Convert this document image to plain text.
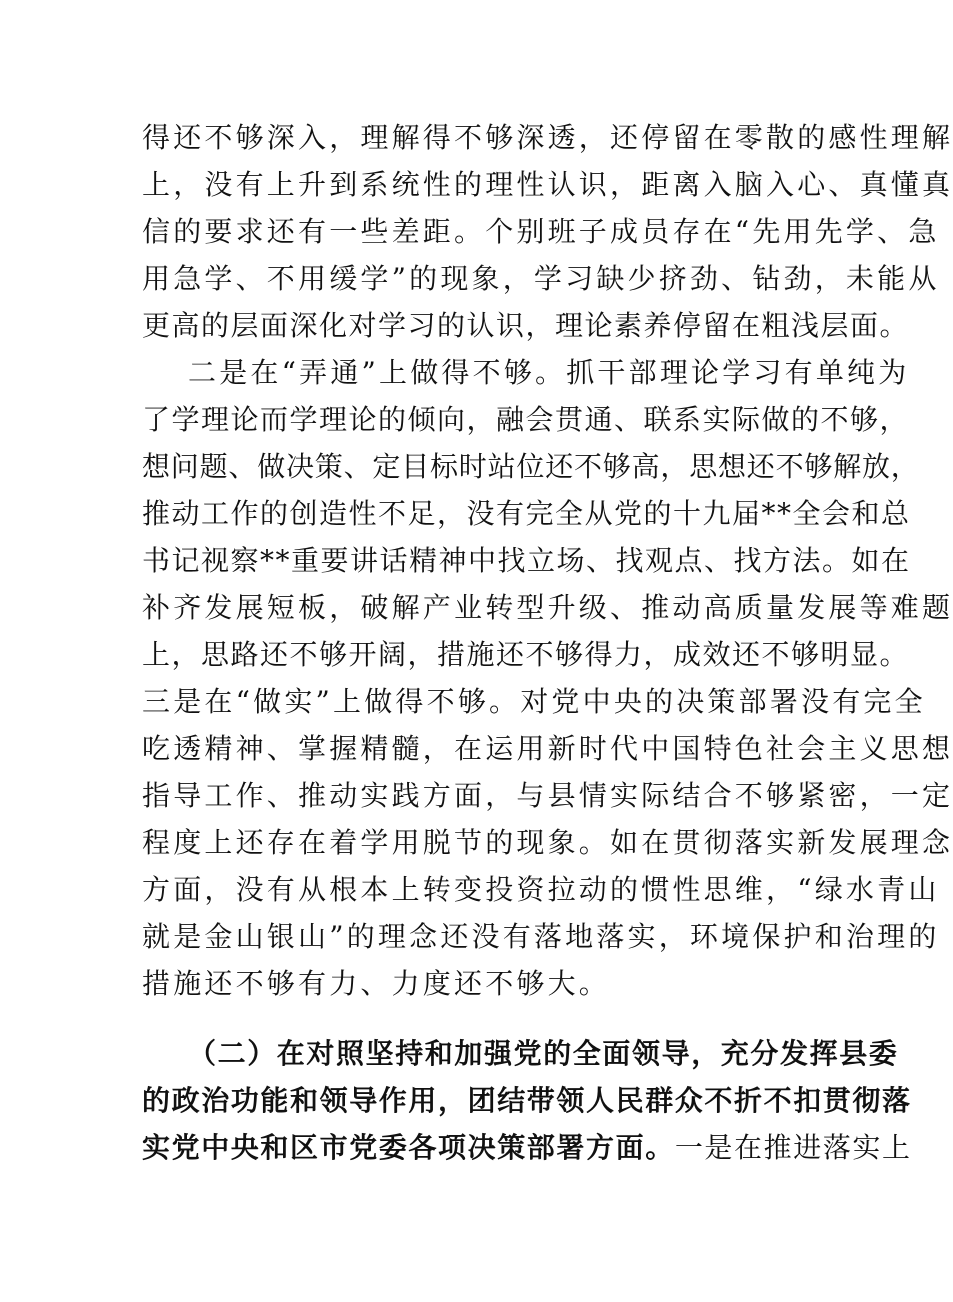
得还不够深入，理解得不够深透，还停留在零散的感性理解
上，没有上升到系统性的理性认识，距离入脑入心、真懂真
信的要求还有一些差距。个别班子成员存在“先用先学、急
用急学、不用缓学”的现象，学习缺少挤劲、钻劲，未能从
更高的层面深化对学习的认识，理论素养停留在粗浅层面。
二是在“弄通”上做得不够。抓干部理论学习有单纯为
了学理论而学理论的倾向，融会贯通、联系实际做的不够，
想问题、做决策、定目标时站位还不够高，思想还不够解放，
推动工作的创造性不足，没有完全从党的十九届**全会和总
书记视察**重要讲话精神中找立场、找观点、找方法。如在
补齐发展短板，破解产业转型升级、推动高质量发展等难题
上，思路还不够开阔，措施还不够得力，成效还不够明显。
三是在“做实”上做得不够。对党中央的决策部署没有完全
吃透精神、掌握精髓，在运用新时代中国特色社会主义思想
指导工作、推动实践方面，与县情实际结合不够紧密，一定
程度上还存在着学用脱节的现象。如在贯彻落实新发展理念
方面，没有从根本上转变投资拉动的惯性思维，“绿水青山
就是金山银山”的理念还没有落地落实，环境保护和治理的
措施还不够有力、力度还不够大。
（二）在对照坚持和加强党的全面领导，充分发挥县委
的政治功能和领导作用，团结带领人民群众不折不扣贯彻落
实党中央和区市党委各项决策部署方面。一是在推进落实上
